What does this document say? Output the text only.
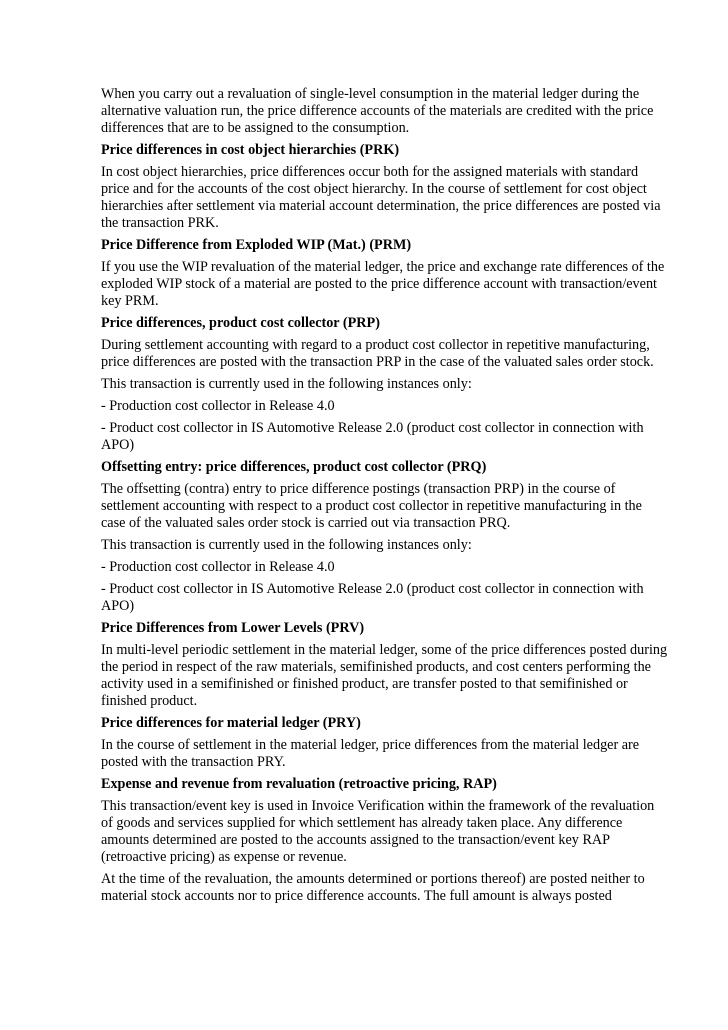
When you carry out a revaluation of single-level consumption in the material ledger during the alternative valuation run, the price difference accounts of the materials are credited with the price differences that are to be assigned to the consumption.

Price differences in cost object hierarchies (PRK)

In cost object hierarchies, price differences occur both for the assigned materials with standard price and for the accounts of the cost object hierarchy. In the course of settlement for cost object hierarchies after settlement via material account determination, the price differences are posted via the transaction PRK.

Price Difference from Exploded WIP (Mat.) (PRM)

If you use the WIP revaluation of the material ledger, the price and exchange rate differences of the exploded WIP stock of a material are posted to the price difference account with transaction/event key PRM.

Price differences, product cost collector (PRP)

During settlement accounting with regard to a product cost collector in repetitive manufacturing, price differences are posted with the transaction PRP in the case of the valuated sales order stock.

This transaction is currently used in the following instances only:

- Production cost collector in Release 4.0

- Product cost collector in IS Automotive Release 2.0 (product cost collector in connection with APO)

Offsetting entry: price differences, product cost collector (PRQ)

The offsetting (contra) entry to price difference postings (transaction PRP) in the course of settlement accounting with respect to a product cost collector in repetitive manufacturing in the case of the valuated sales order stock is carried out via transaction PRQ.

This transaction is currently used in the following instances only:

- Production cost collector in Release 4.0

- Product cost collector in IS Automotive Release 2.0 (product cost collector in connection with APO)

Price Differences from Lower Levels (PRV)

In multi-level periodic settlement in the material ledger, some of the price differences posted during the period in respect of the raw materials, semifinished products, and cost centers performing the activity used in a semifinished or finished product, are transfer posted to that semifinished or finished product.

Price differences for material ledger (PRY)

In the course of settlement in the material ledger, price differences from the material ledger are posted with the transaction PRY.

Expense and revenue from revaluation (retroactive pricing, RAP)

This transaction/event key is used in Invoice Verification within the framework of the revaluation of goods and services supplied for which settlement has already taken place. Any difference amounts determined are posted to the accounts assigned to the transaction/event key RAP (retroactive pricing) as expense or revenue.

At the time of the revaluation, the amounts determined or portions thereof) are posted neither to material stock accounts nor to price difference accounts. The full amount is always posted
